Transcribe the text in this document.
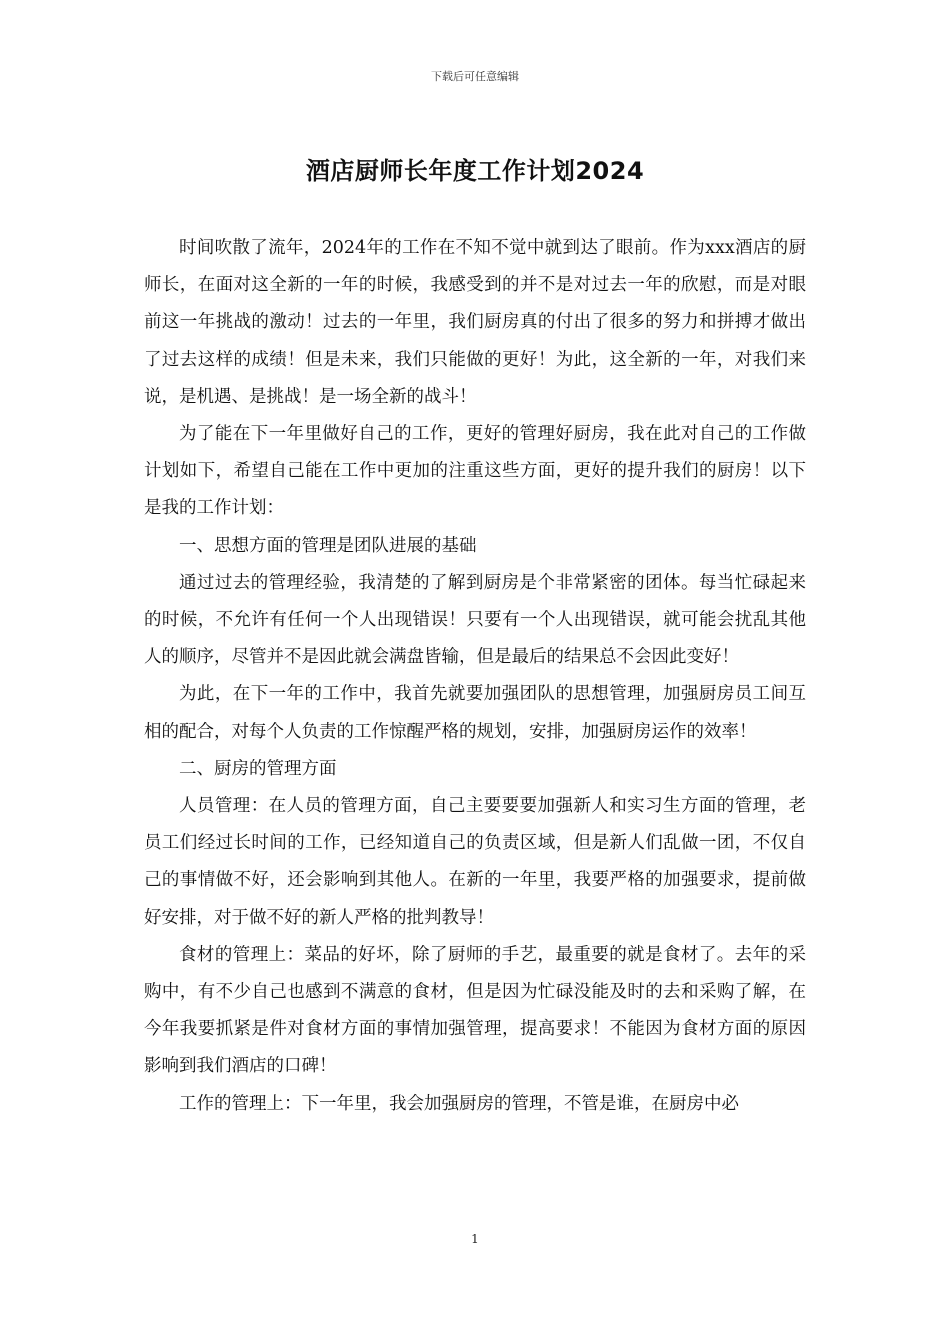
下载后可任意编辑
酒店厨师长年度工作计划2024

时间吹散了流年，2024年的工作在不知不觉中就到达了眼前。作为xxx酒店的厨师长，在面对这全新的一年的时候，我感受到的并不是对过去一年的欣慰，而是对眼前这一年挑战的激动！过去的一年里，我们厨房真的付出了很多的努力和拼搏才做出了过去这样的成绩！但是未来，我们只能做的更好！为此，这全新的一年，对我们来说，是机遇、是挑战！是一场全新的战斗！

为了能在下一年里做好自己的工作，更好的管理好厨房，我在此对自己的工作做计划如下，希望自己能在工作中更加的注重这些方面，更好的提升我们的厨房！以下是我的工作计划：

一、思想方面的管理是团队进展的基础

通过过去的管理经验，我清楚的了解到厨房是个非常紧密的团体。每当忙碌起来的时候，不允许有任何一个人出现错误！只要有一个人出现错误，就可能会扰乱其他人的顺序，尽管并不是因此就会满盘皆输，但是最后的结果总不会因此变好！

为此，在下一年的工作中，我首先就要加强团队的思想管理，加强厨房员工间互相的配合，对每个人负责的工作惊醒严格的规划，安排，加强厨房运作的效率！

二、厨房的管理方面

人员管理：在人员的管理方面，自己主要要要加强新人和实习生方面的管理，老员工们经过长时间的工作，已经知道自己的负责区域，但是新人们乱做一团，不仅自己的事情做不好，还会影响到其他人。在新的一年里，我要严格的加强要求，提前做好安排，对于做不好的新人严格的批判教导！

食材的管理上：菜品的好坏，除了厨师的手艺，最重要的就是食材了。去年的采购中，有不少自己也感到不满意的食材，但是因为忙碌没能及时的去和采购了解，在今年我要抓紧是件对食材方面的事情加强管理，提高要求！不能因为食材方面的原因影响到我们酒店的口碑！

工作的管理上：下一年里，我会加强厨房的管理，不管是谁，在厨房中必

1
